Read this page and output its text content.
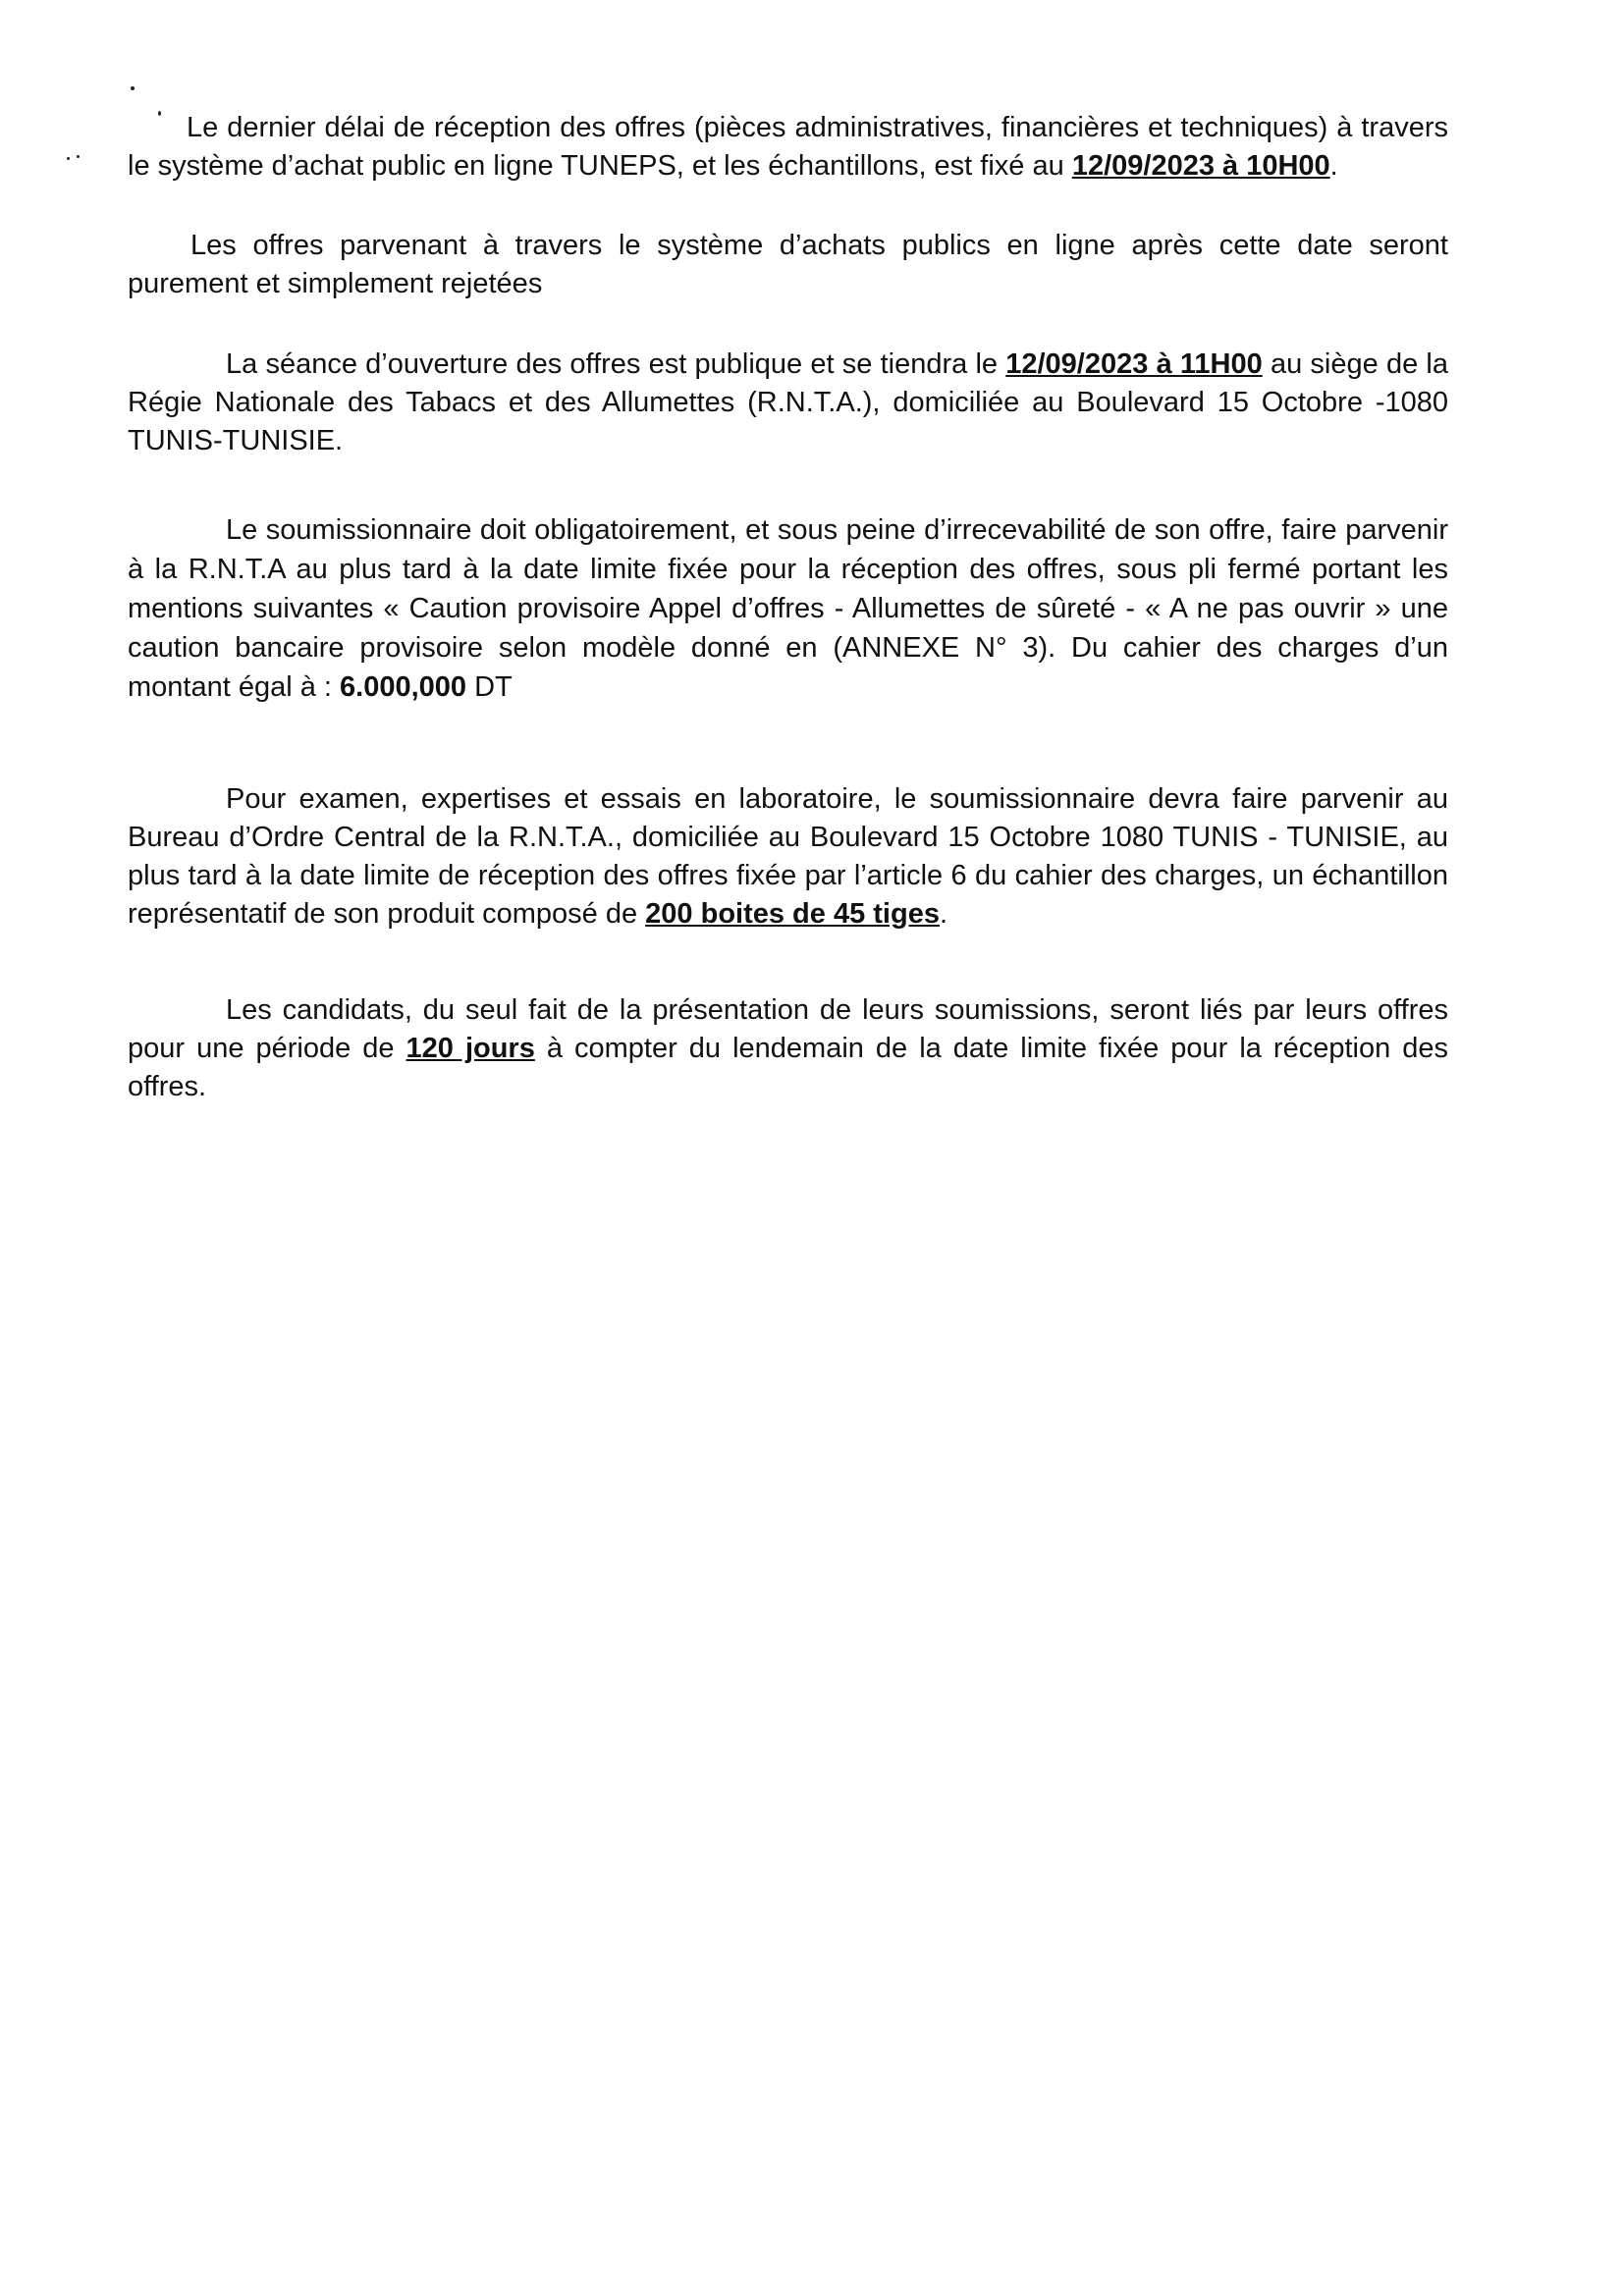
Le dernier délai de réception des offres (pièces administratives, financières et techniques) à travers le système d’achat public en ligne TUNEPS, et les échantillons, est fixé au 12/09/2023 à 10H00.

Les offres parvenant à travers le système d’achats publics en ligne après cette date seront purement et simplement rejetées

La séance d’ouverture des offres est publique et se tiendra le 12/09/2023 à 11H00 au siège de la Régie Nationale des Tabacs et des Allumettes (R.N.T.A.), domiciliée au Boulevard 15 Octobre -1080 TUNIS-TUNISIE.

Le soumissionnaire doit obligatoirement, et sous peine d’irrecevabilité de son offre, faire parvenir à la R.N.T.A au plus tard à la date limite fixée pour la réception des offres, sous pli fermé portant les mentions suivantes « Caution provisoire Appel d’offres - Allumettes de sûreté - « A ne pas ouvrir » une caution bancaire provisoire selon modèle donné en (ANNEXE N° 3). Du cahier des charges d’un montant égal à : 6.000,000 DT

Pour examen, expertises et essais en laboratoire, le soumissionnaire devra faire parvenir au Bureau d’Ordre Central de la R.N.T.A., domiciliée au Boulevard 15 Octobre 1080 TUNIS - TUNISIE, au plus tard à la date limite de réception des offres fixée par l’article 6 du cahier des charges, un échantillon représentatif de son produit composé de 200 boites de 45 tiges.

Les candidats, du seul fait de la présentation de leurs soumissions, seront liés par leurs offres pour une période de 120 jours à compter du lendemain de la date limite fixée pour la réception des offres.
